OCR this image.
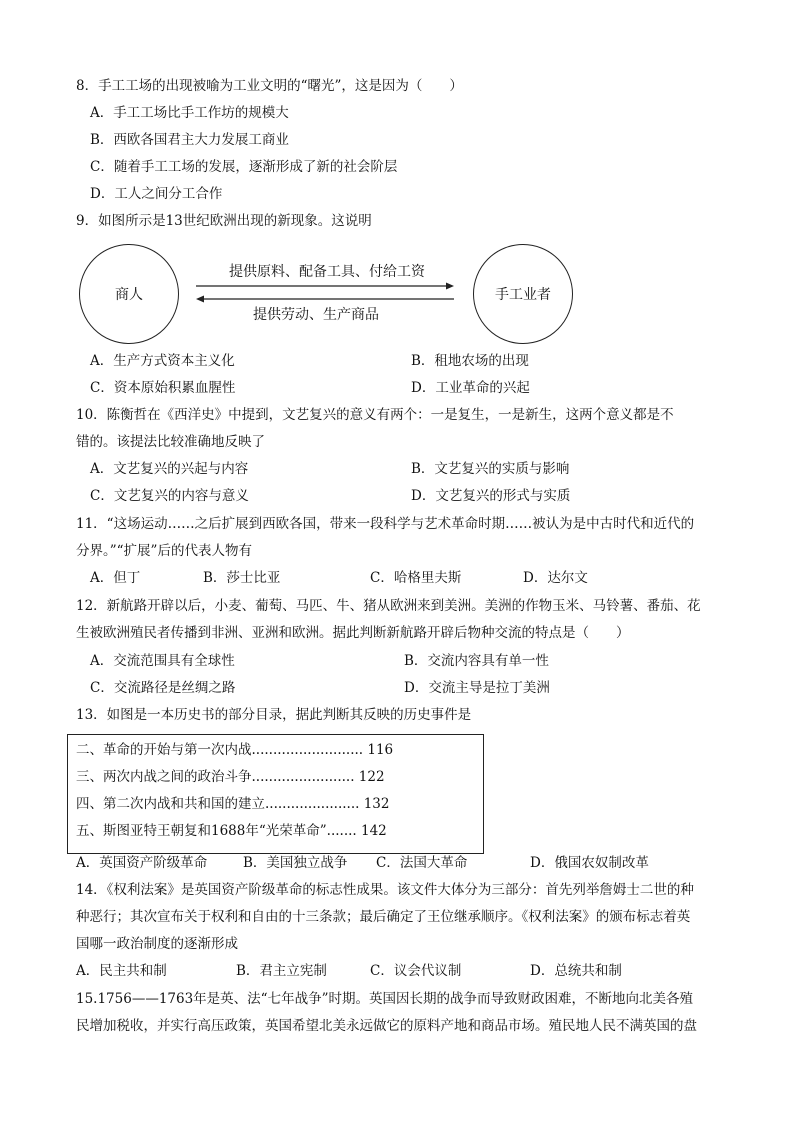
8．手工工场的出现被喻为工业文明的“曙光”，这是因为（　　）
A．手工工场比手工作坊的规模大
B．西欧各国君主大力发展工商业
C．随着手工工场的发展，逐渐形成了新的社会阶层
D．工人之间分工合作
9．如图所示是13世纪欧洲出现的新现象。这说明
商人	手工业者
提供原料、配备工具、付给工资
提供劳动、生产商品
A．生产方式资本主义化	B．租地农场的出现
C．资本原始积累血腥性	D．工业革命的兴起
10．陈衡哲在《西洋史》中提到，文艺复兴的意义有两个：一是复生，一是新生，这两个意义都是不
错的。该提法比较准确地反映了
A．文艺复兴的兴起与内容	B．文艺复兴的实质与影响
C．文艺复兴的内容与意义	D．文艺复兴的形式与实质
11．“这场运动……之后扩展到西欧各国，带来一段科学与艺术革命时期……被认为是中古时代和近代的
分界。”“扩展”后的代表人物有
A．但丁	B．莎士比亚	C．哈格里夫斯	D．达尔文
12．新航路开辟以后，小麦、葡萄、马匹、牛、猪从欧洲来到美洲。美洲的作物玉米、马铃薯、番茄、花
生被欧洲殖民者传播到非洲、亚洲和欧洲。据此判断新航路开辟后物种交流的特点是（　　）
A．交流范围具有全球性	B．交流内容具有单一性
C．交流路径是丝绸之路	D．交流主导是拉丁美洲
13．如图是一本历史书的部分目录，据此判断其反映的历史事件是
二、革命的开始与第一次内战.......................... 116
三、两次内战之间的政治斗争........................ 122
四、第二次内战和共和国的建立...................... 132
五、斯图亚特王朝复和1688年“光荣革命”....... 142
A．英国资产阶级革命	B．美国独立战争 C．法国大革命	D．俄国农奴制改革
14．《权利法案》是英国资产阶级革命的标志性成果。该文件大体分为三部分：首先列举詹姆士二世的种
种恶行；其次宣布关于权利和自由的十三条款；最后确定了王位继承顺序。《权利法案》的颁布标志着英
国哪一政治制度的逐渐形成
A．民主共和制	B．君主立宪制	C．议会代议制	D．总统共和制
15.1756——1763年是英、法“七年战争”时期。英国因长期的战争而导致财政困难，不断地向北美各殖
民增加税收，并实行高压政策，英国希望北美永远做它的原料产地和商品市场。殖民地人民不满英国的盘
